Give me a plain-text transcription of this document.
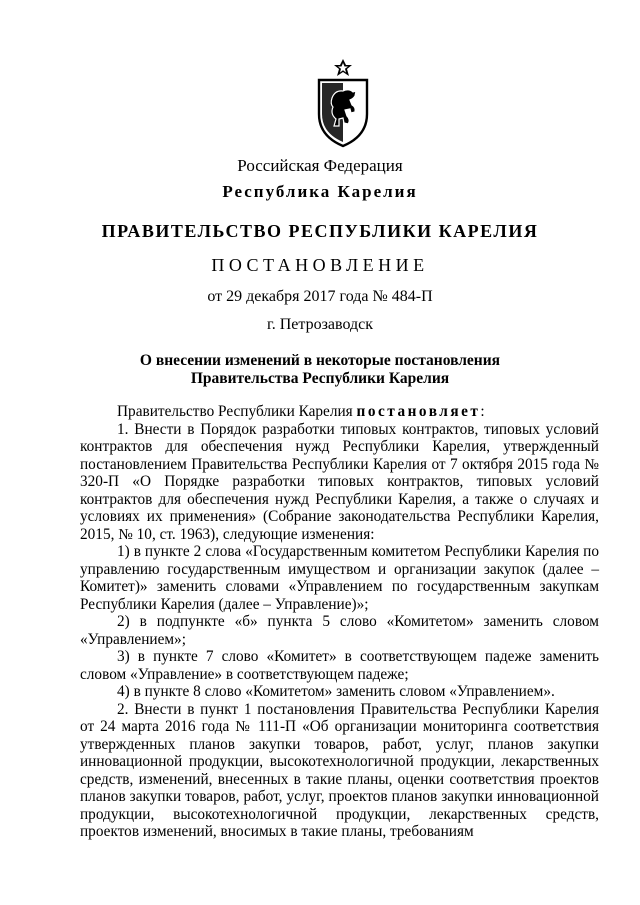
Российская Федерация
Республика Карелия
ПРАВИТЕЛЬСТВО РЕСПУБЛИКИ КАРЕЛИЯ
ПОСТАНОВЛЕНИЕ
от 29 декабря 2017 года № 484-П
г. Петрозаводск
О внесении изменений в некоторые постановления
Правительства Республики Карелия

Правительство Республики Карелия постановляет:

1. Внести в Порядок разработки типовых контрактов, типовых условий контрактов для обеспечения нужд Республики Карелия, утвержденный постановлением Правительства Республики Карелия от 7 октября 2015 года № 320-П «О Порядке разработки типовых контрактов, типовых условий контрактов для обеспечения нужд Республики Карелия, а также о случаях и условиях их применения» (Собрание законодательства Республики Карелия, 2015, № 10, ст. 1963), следующие изменения:

1) в пункте 2 слова «Государственным комитетом Республики Карелия по управлению государственным имуществом и организации закупок (далее – Комитет)» заменить словами «Управлением по государственным закупкам Республики Карелия (далее – Управление)»;

2) в подпункте «б» пункта 5 слово «Комитетом» заменить словом «Управлением»;

3) в пункте 7 слово «Комитет» в соответствующем падеже заменить словом «Управление» в соответствующем падеже;

4) в пункте 8 слово «Комитетом» заменить словом «Управлением».

2. Внести в пункт 1 постановления Правительства Республики Карелия от 24 марта 2016 года № 111-П «Об организации мониторинга соответствия утвержденных планов закупки товаров, работ, услуг, планов закупки инновационной продукции, высокотехнологичной продукции, лекарственных средств, изменений, внесенных в такие планы, оценки соответствия проектов планов закупки товаров, работ, услуг, проектов планов закупки инновационной продукции, высокотехнологичной продукции, лекарственных средств, проектов изменений, вносимых в такие планы, требованиям
